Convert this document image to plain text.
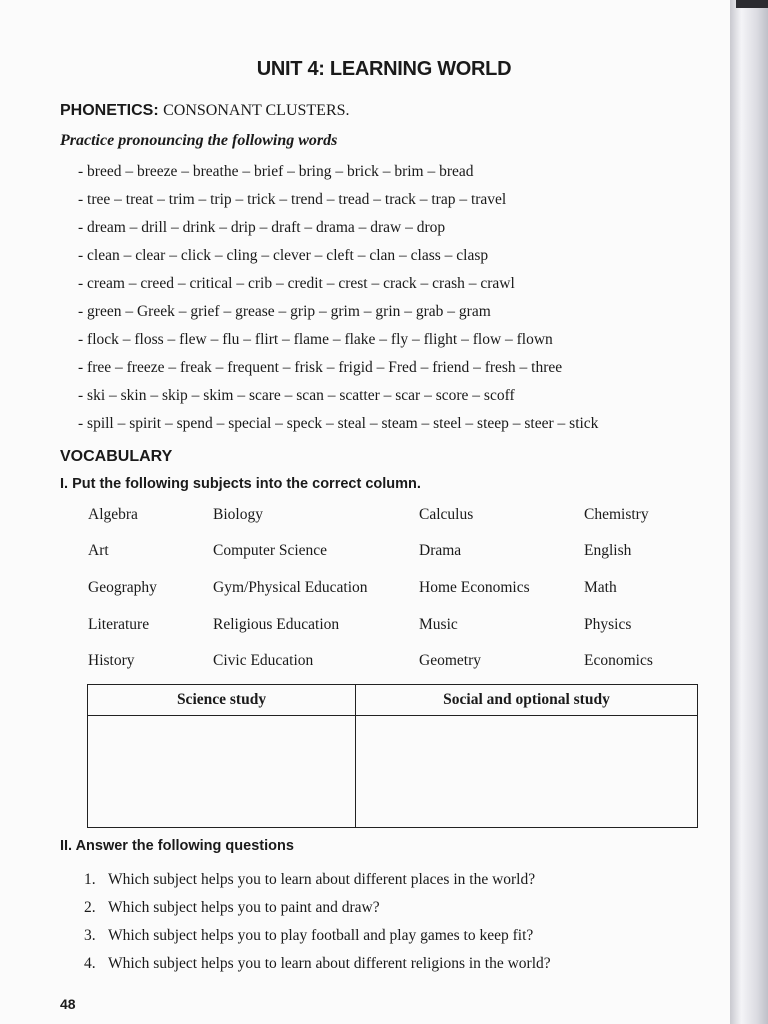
UNIT 4: LEARNING WORLD
PHONETICS: CONSONANT CLUSTERS.
Practice pronouncing the following words
- breed – breeze – breathe – brief – bring – brick – brim – bread
- tree – treat – trim – trip – trick – trend – tread – track – trap – travel
- dream – drill – drink – drip – draft – drama – draw – drop
- clean – clear – click – cling – clever – cleft – clan – class – clasp
- cream – creed – critical – crib – credit – crest – crack – crash – crawl
- green – Greek – grief – grease – grip – grim – grin – grab – gram
- flock – floss – flew – flu – flirt – flame – flake – fly – flight – flow – flown
- free – freeze – freak – frequent – frisk – frigid – Fred – friend – fresh – three
- ski – skin – skip – skim – scare – scan – scatter – scar – score – scoff
- spill – spirit – spend – special – speck – steal – steam – steel – steep – steer – stick
VOCABULARY
I. Put the following subjects into the correct column.
Algebra	Biology	Calculus	Chemistry
Art	Computer Science	Drama	English
Geography	Gym/Physical Education	Home Economics	Math
Literature	Religious Education	Music	Physics
History	Civic Education	Geometry	Economics
Science study	Social and optional study

II. Answer the following questions
1. Which subject helps you to learn about different places in the world?
2. Which subject helps you to paint and draw?
3. Which subject helps you to play football and play games to keep fit?
4. Which subject helps you to learn about different religions in the world?
48
